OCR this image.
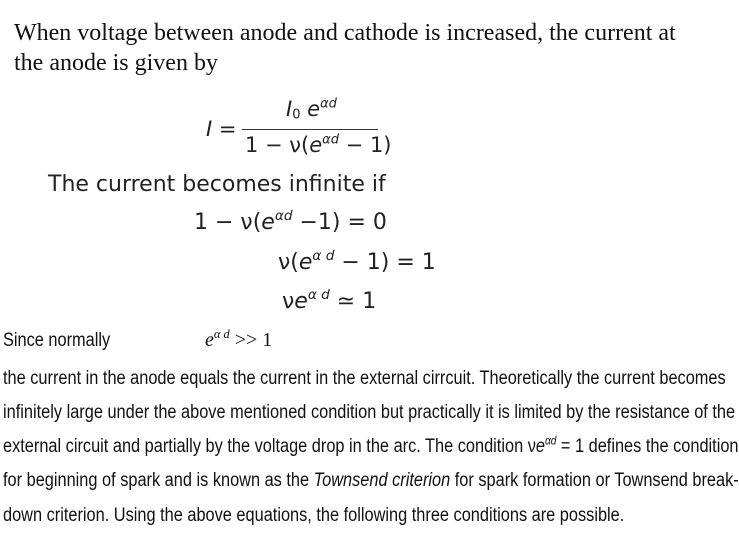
When voltage between anode and cathode is increased, the current at the anode is given by
I =
$I_0$ $e^{\alpha d}$
$1 - \nu(e^{\alpha d} - 1)$
The current becomes infinite if
$1 - \nu(e^{\alpha d} -1) = 0$
$\nu(e^{\alpha d} - 1) = 1$
$\nu e^{\alpha d}$ ≃ 1
Since normally	$e^{\alpha d} >> 1$
the current in the anode equals the current in the external cirrcuit. Theoretically the current becomes
infinitely large under the above mentioned condition but practically it is limited by the resistance of the
external circuit and partially by the voltage drop in the arc. The condition $\nu e^{\alpha d} = 1$ defines the condition
for beginning of spark and is known as the Townsend criterion for spark formation or Townsend break-
down criterion. Using the above equations, the following three conditions are possible.
